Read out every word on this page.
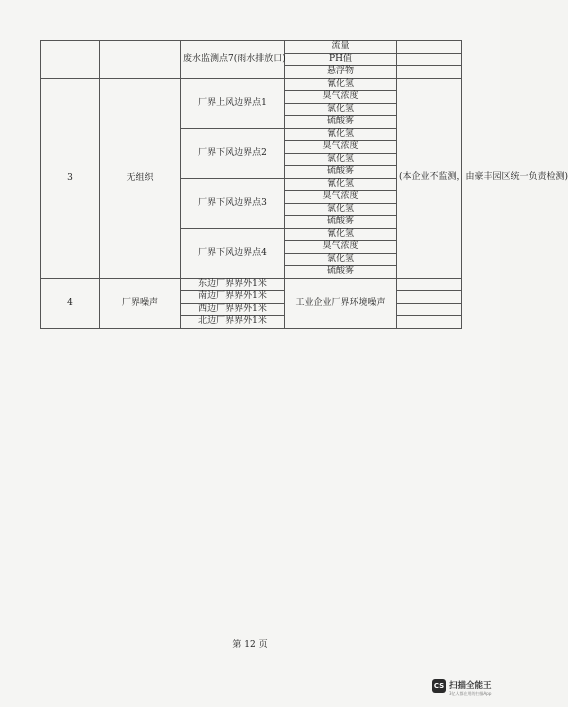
		废水监测点7(雨水排放口)	流量	
			PH值	
			悬浮物	
3	无组织	厂界上风边界点1	氰化氢	(本企业不监测，由豪丰园区统一负责检测)
			臭气浓度	
			氯化氢	
			硫酸雾	
		厂界下风边界点2	氰化氢	
			臭气浓度	
			氯化氢	
			硫酸雾	
		厂界下风边界点3	氰化氢	
			臭气浓度	
			氯化氢	
			硫酸雾	
		厂界下风边界点4	氰化氢	
			臭气浓度	
			氯化氢	
			硫酸雾	
4	厂界噪声	东边厂界界外1米	工业企业厂界环境噪声	
		南边厂界界外1米		
		西边厂界界外1米		
		北边厂界界外1米		
第 12 页
CS 扫描全能王
3亿人都在用的扫描App
